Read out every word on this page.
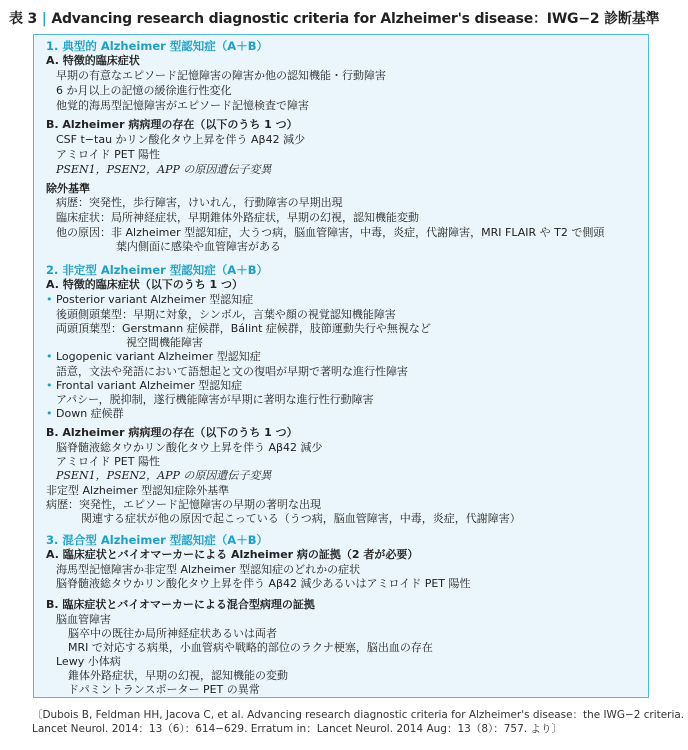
表 3 | Advancing research diagnostic criteria for Alzheimer's disease：IWG−2 診断基準
1. 典型的 Alzheimer 型認知症（A＋B）
A. 特徴的臨床症状
早期の有意なエピソード記憶障害の障害か他の認知機能・行動障害
6 か月以上の記憶の緩徐進行性変化
他覚的海馬型記憶障害がエピソード記憶検査で障害
B. Alzheimer 病病理の存在（以下のうち 1 つ）
CSF t−tau かリン酸化タウ上昇を伴う Aβ42 減少
アミロイド PET 陽性
PSEN1，PSEN2，APP の原因遺伝子変異
除外基準
病歴：突発性，歩行障害，けいれん，行動障害の早期出現
臨床症状：局所神経症状，早期錐体外路症状，早期の幻視，認知機能変動
他の原因：非 Alzheimer 型認知症，大うつ病，脳血管障害，中毒，炎症，代謝障害，MRI FLAIR や T2 で側頭
葉内側面に感染や血管障害がある
2. 非定型 Alzheimer 型認知症（A＋B）
A. 特徴的臨床症状（以下のうち 1 つ）
• Posterior variant Alzheimer 型認知症
後頭側頭葉型：早期に対象，シンボル，言葉や顔の視覚認知機能障害
両頭頂葉型：Gerstmann 症候群，Bálint 症候群，肢節運動失行や無視など
視空間機能障害
• Logopenic variant Alzheimer 型認知症
語意，文法や発語において語想起と文の復唱が早期で著明な進行性障害
• Frontal variant Alzheimer 型認知症
アパシー，脱抑制，遂行機能障害が早期に著明な進行性行動障害
• Down 症候群
B. Alzheimer 病病理の存在（以下のうち 1 つ）
脳脊髄液総タウかリン酸化タウ上昇を伴う Aβ42 減少
アミロイド PET 陽性
PSEN1，PSEN2，APP の原因遺伝子変異
非定型 Alzheimer 型認知症除外基準
病歴：突発性，エピソード記憶障害の早期の著明な出現
関連する症状が他の原因で起こっている（うつ病，脳血管障害，中毒，炎症，代謝障害）
3. 混合型 Alzheimer 型認知症（A＋B）
A. 臨床症状とバイオマーカーによる Alzheimer 病の証拠（2 者が必要）
海馬型記憶障害か非定型 Alzheimer 型認知症のどれかの症状
脳脊髄液総タウかリン酸化タウ上昇を伴う Aβ42 減少あるいはアミロイド PET 陽性
B. 臨床症状とバイオマーカーによる混合型病理の証拠
脳血管障害
脳卒中の既往か局所神経症状あるいは両者
MRI で対応する病巣，小血管病や戦略的部位のラクナ梗塞，脳出血の存在
Lewy 小体病
錐体外路症状，早期の幻視，認知機能の変動
ドパミントランスポーター PET の異常
〔Dubois B, Feldman HH, Jacova C, et al. Advancing research diagnostic criteria for Alzheimer's disease：the IWG−2 criteria.
Lancet Neurol. 2014：13（6）：614−629. Erratum in：Lancet Neurol. 2014 Aug：13（8）：757. より〕
